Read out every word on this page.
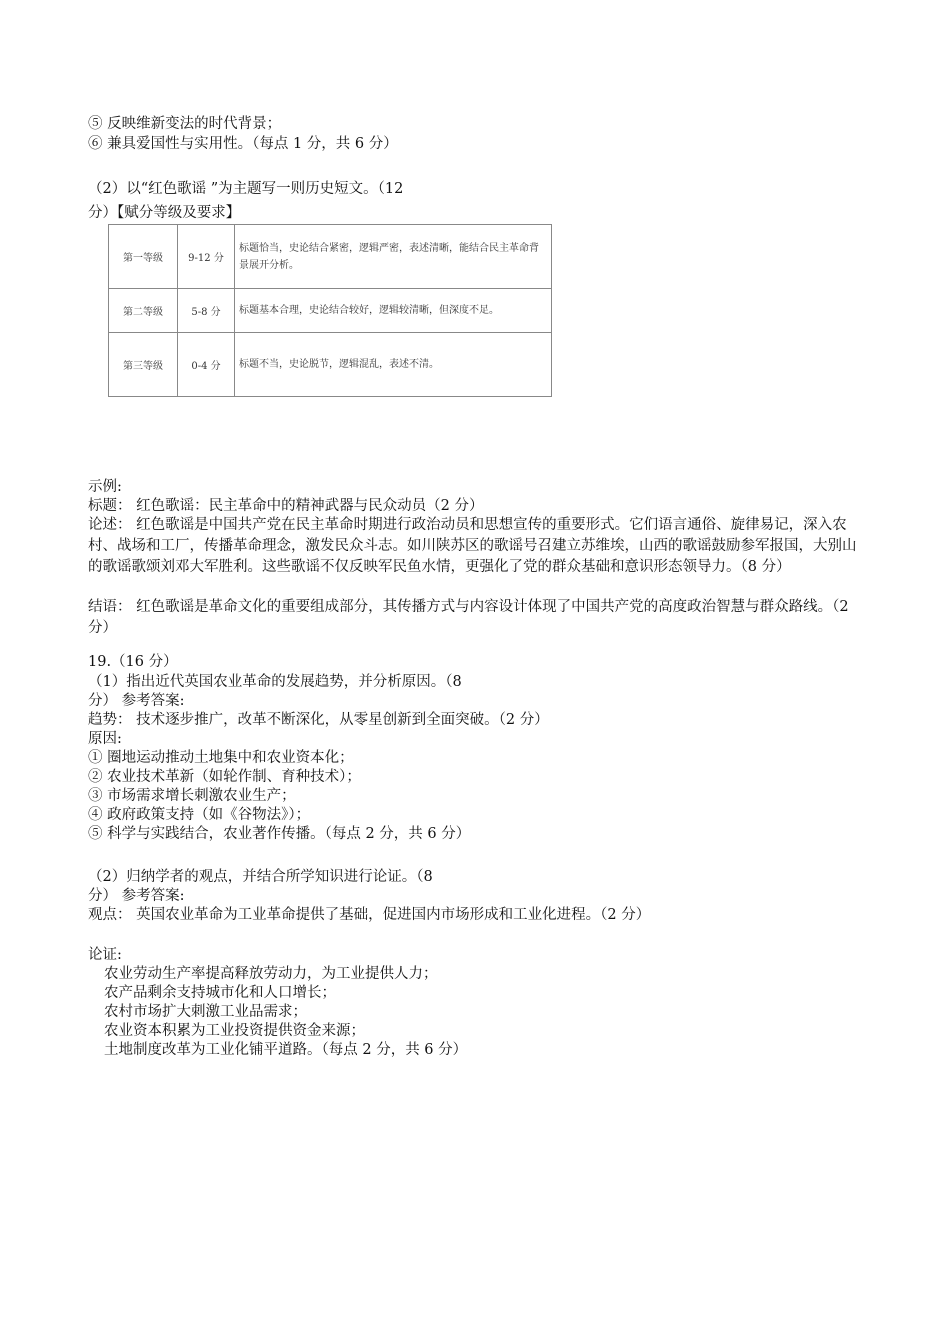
⑤ 反映维新变法的时代背景；
⑥ 兼具爱国性与实用性。（每点 1 分，共 6 分）
（2）以“红色歌谣 ”为主题写一则历史短文。（12
分）【赋分等级及要求】
第一等级	9-12 分	标题恰当，史论结合紧密，逻辑严密，表述清晰，能结合民主革命背景展开分析。
第二等级	5-8 分	标题基本合理，史论结合较好，逻辑较清晰，但深度不足。
第三等级	0-4 分	标题不当，史论脱节，逻辑混乱，表述不清。
示例:
标题： 红色歌谣：民主革命中的精神武器与民众动员（2 分）
论述： 红色歌谣是中国共产党在民主革命时期进行政治动员和思想宣传的重要形式。它们语言通俗、旋律易记，深入农村、战场和工厂，传播革命理念，激发民众斗志。如川陕苏区的歌谣号召建立苏维埃，山西的歌谣鼓励参军报国，大别山的歌谣歌颂刘邓大军胜利。这些歌谣不仅反映军民鱼水情，更强化了党的群众基础和意识形态领导力。（8 分）
结语： 红色歌谣是革命文化的重要组成部分，其传播方式与内容设计体现了中国共产党的高度政治智慧与群众路线。（2 分）
19.（16 分）
（1）指出近代英国农业革命的发展趋势，并分析原因。（8
分） 参考答案:
趋势： 技术逐步推广，改革不断深化，从零星创新到全面突破。（2 分）
原因:
① 圈地运动推动土地集中和农业资本化；
② 农业技术革新（如轮作制、育种技术）；
③ 市场需求增长刺激农业生产；
④ 政府政策支持（如《谷物法》）；
⑤ 科学与实践结合，农业著作传播。（每点 2 分，共 6 分）
（2）归纳学者的观点，并结合所学知识进行论证。（8
分） 参考答案:
观点： 英国农业革命为工业革命提供了基础，促进国内市场形成和工业化进程。（2 分）
论证:
农业劳动生产率提高释放劳动力，为工业提供人力；
农产品剩余支持城市化和人口增长；
农村市场扩大刺激工业品需求；
农业资本积累为工业投资提供资金来源；
土地制度改革为工业化铺平道路。（每点 2 分，共 6 分）
